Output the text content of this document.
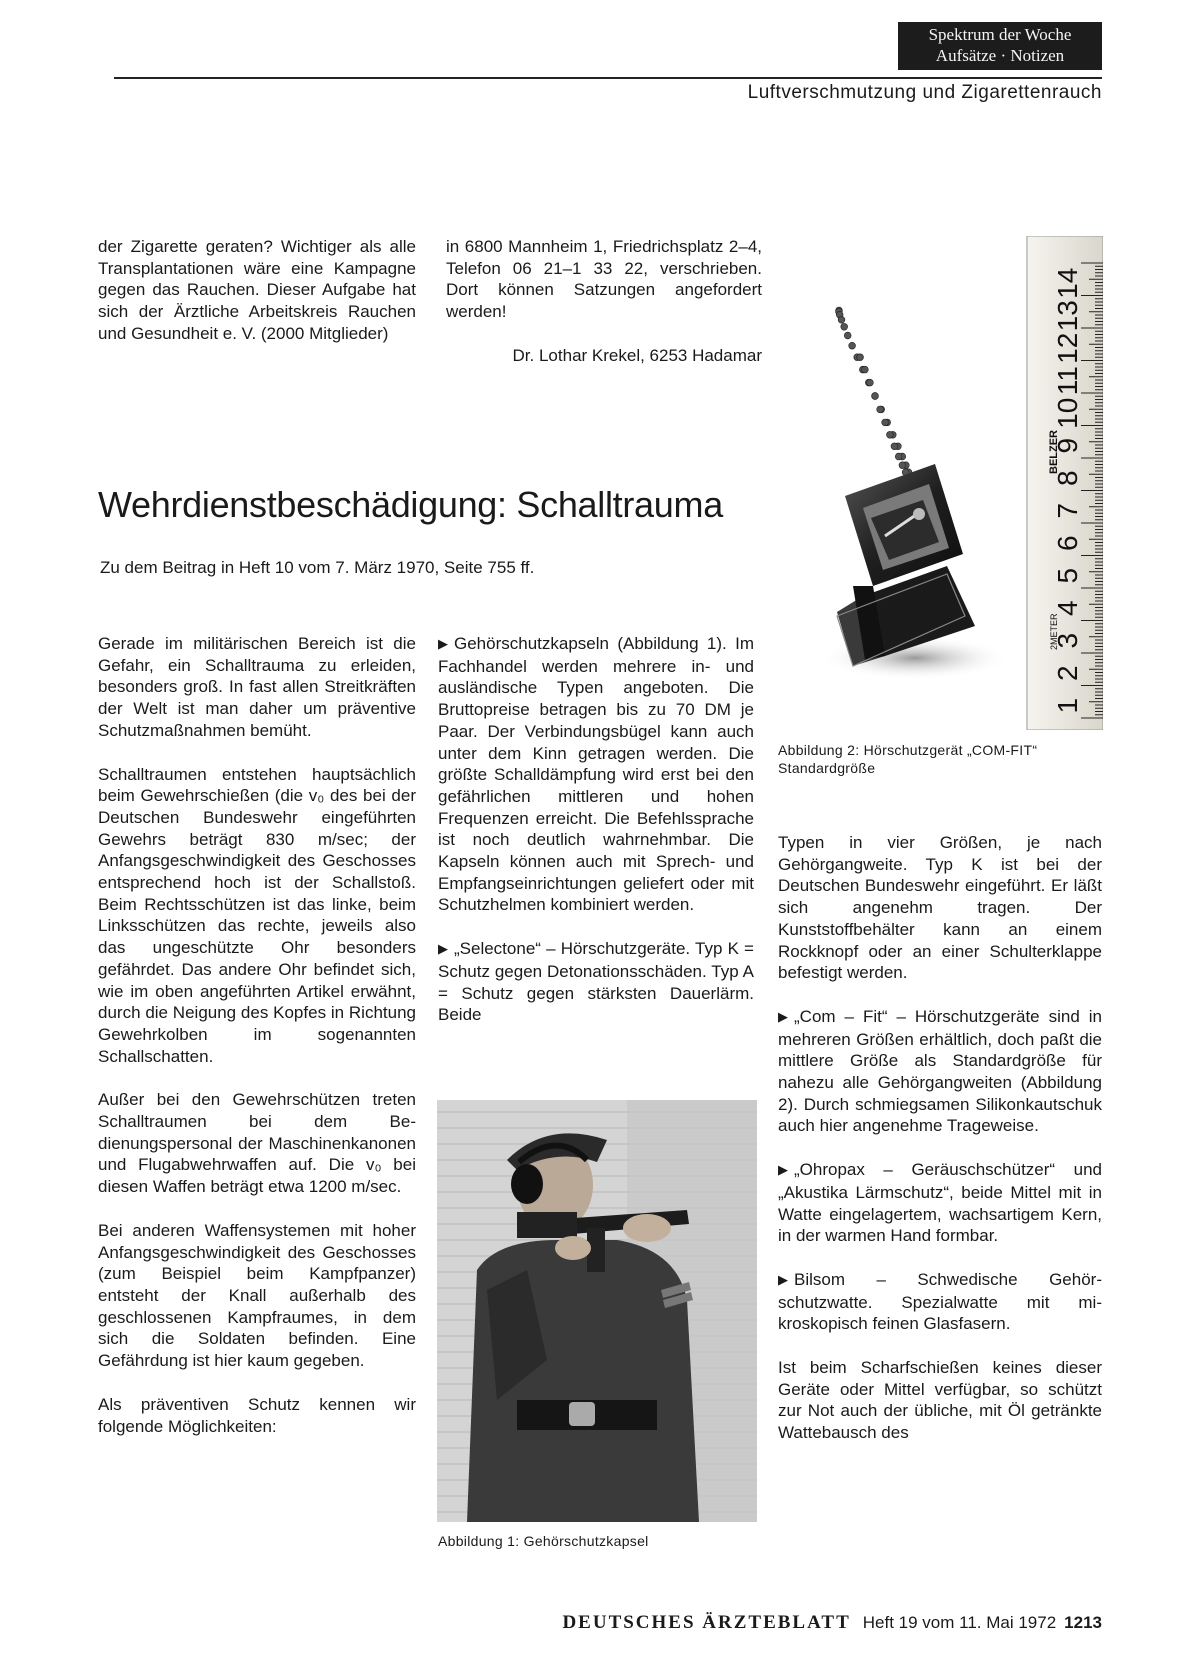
Spektrum der Woche
Aufsätze · Notizen
Luftverschmutzung und Zigarettenrauch

der Zigarette geraten? Wichtiger als alle Transplantationen wäre eine Kampagne gegen das Rauchen. Dieser Aufgabe hat sich der Ärztliche Arbeitskreis Rauchen und Gesundheit e. V. (2000 Mitglieder)

in 6800 Mannheim 1, Friedrichsplatz 2–4, Telefon 06 21–1 33 22, verschrieben. Dort können Satzungen angefordert werden!

Dr. Lothar Krekel, 6253 Hadamar

1
2
3
4
5
6
7
8
9
10
11
12
13
14
BELZER
2METER
Abbildung 2: Hörschutzgerät „COM-FIT“
Standardgröße
Wehrdienstbeschädigung: Schalltrauma

Zu dem Beitrag in Heft 10 vom 7. März 1970, Seite 755 ff.

Gerade im militärischen Bereich ist die Gefahr, ein Schalltrauma zu erleiden, besonders groß. In fast allen Streitkräften der Welt ist man daher um präventive Schutzmaßnahmen bemüht.

Schalltraumen entstehen hauptsächlich beim Gewehrschießen (die v₀ des bei der Deutschen Bundeswehr eingeführten Gewehrs beträgt 830 m/sec; der Anfangsgeschwindigkeit des Geschosses entsprechend hoch ist der Schallstoß. Beim Rechtsschützen ist das linke, beim Linksschützen das rechte, jeweils also das ungeschützte Ohr besonders gefährdet. Das andere Ohr befindet sich, wie im oben angeführten Artikel erwähnt, durch die Neigung des Kopfes in Richtung Gewehrkolben im sogenannten Schallschatten.

Außer bei den Gewehrschützen treten Schalltraumen bei dem Bedienungspersonal der Maschinenkanonen und Flugabwehrwaffen auf. Die v₀ bei diesen Waffen beträgt etwa 1200 m/sec.

Bei anderen Waffensystemen mit hoher Anfangsgeschwindigkeit des Geschosses (zum Beispiel beim Kampfpanzer) entsteht der Knall außerhalb des geschlossenen Kampfraumes, in dem sich die Soldaten befinden. Eine Gefährdung ist hier kaum gegeben.

Als präventiven Schutz kennen wir folgende Möglichkeiten:

▶ Gehörschutzkapseln (Abbildung 1). Im Fachhandel werden mehrere in- und ausländische Typen angeboten. Die Bruttopreise betragen bis zu 70 DM je Paar. Der Verbindungsbügel kann auch unter dem Kinn getragen werden. Die größte Schalldämpfung wird erst bei den gefährlichen mittleren und hohen Frequenzen erreicht. Die Befehlssprache ist noch deutlich wahrnehmbar. Die Kapseln können auch mit Sprech- und Empfangseinrichtungen geliefert oder mit Schutzhelmen kombiniert werden.

▶ „Selectone“ – Hörschutzgeräte. Typ K = Schutz gegen Detonationsschäden. Typ A = Schutz gegen stärksten Dauerlärm. Beide

Abbildung 1: Gehörschutzkapsel

Typen in vier Größen, je nach Gehörgangweite. Typ K ist bei der Deutschen Bundeswehr eingeführt. Er läßt sich angenehm tragen. Der Kunststoffbehälter kann an einem Rockknopf oder an einer Schulterklappe befestigt werden.

▶ „Com – Fit“ – Hörschutzgeräte sind in mehreren Größen erhältlich, doch paßt die mittlere Größe als Standardgröße für nahezu alle Gehörgangweiten (Abbildung 2). Durch schmiegsamen Silikonkautschuk auch hier angenehme Trageweise.

▶ „Ohropax – Geräuschschützer“ und „Akustika Lärmschutz“, beide Mittel mit in Watte eingelagertem, wachsartigem Kern, in der warmen Hand formbar.

▶ Bilsom – Schwedische Gehörschutzwatte. Spezialwatte mit mikroskopisch feinen Glasfasern.

Ist beim Scharfschießen keines dieser Geräte oder Mittel verfügbar, so schützt zur Not auch der übliche, mit Öl getränkte Wattebausch des

DEUTSCHES ÄRZTEBLATT Heft 19 vom 11. Mai 1972 1213
